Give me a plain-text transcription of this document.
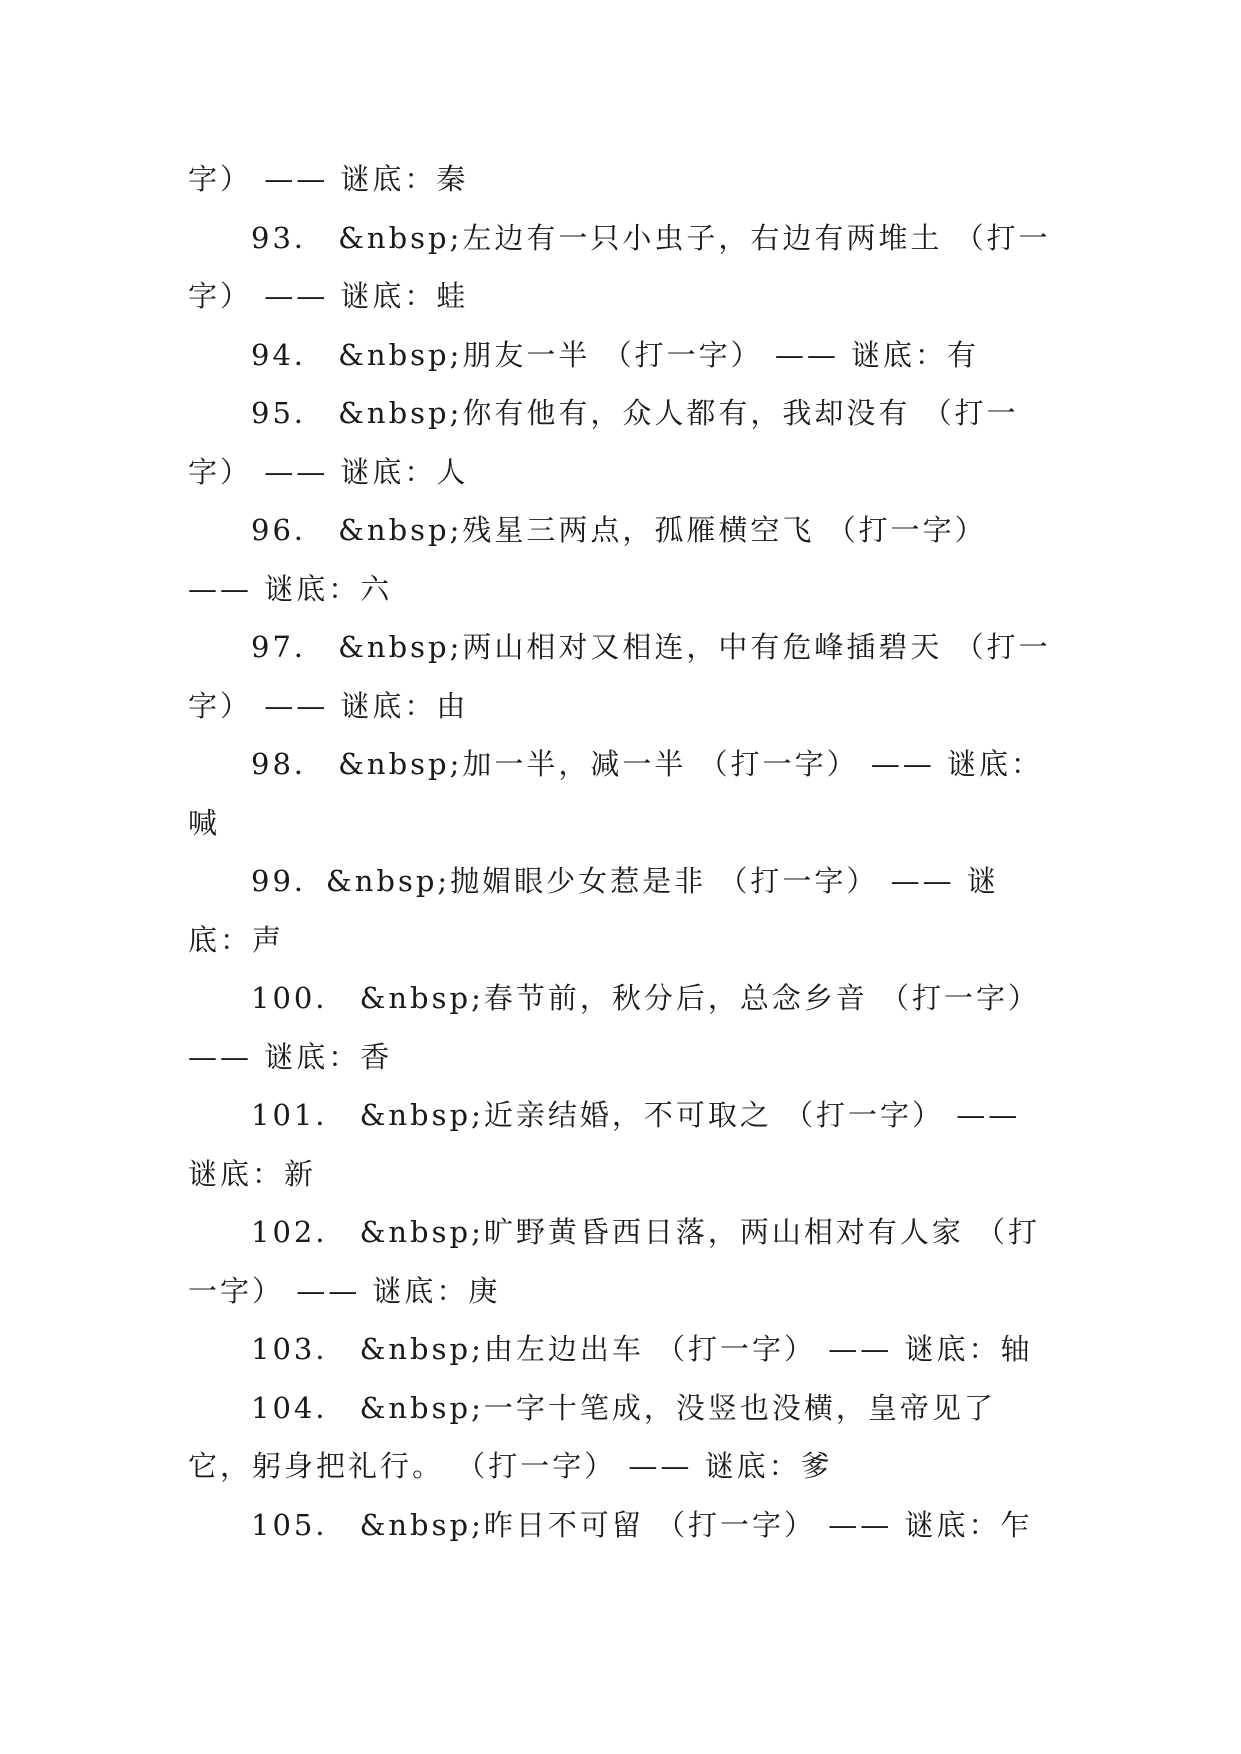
字） —— 谜底：秦

93． &nbsp;左边有一只小虫子，右边有两堆土 （打一字） —— 谜底：蛙

94． &nbsp;朋友一半 （打一字） —— 谜底：有

95． &nbsp;你有他有，众人都有，我却没有 （打一字） —— 谜底：人

96． &nbsp;残星三两点，孤雁横空飞 （打一字） —— 谜底：六

97． &nbsp;两山相对又相连，中有危峰插碧天 （打一字） —— 谜底：由

98． &nbsp;加一半，减一半 （打一字） —— 谜底：喊

99．&nbsp;抛媚眼少女惹是非 （打一字） —— 谜底：声

100． &nbsp;春节前，秋分后，总念乡音 （打一字） —— 谜底：香

101． &nbsp;近亲结婚，不可取之 （打一字） —— 谜底：新

102． &nbsp;旷野黄昏西日落，两山相对有人家 （打一字） —— 谜底：庚

103． &nbsp;由左边出车 （打一字） —— 谜底：轴

104． &nbsp;一字十笔成，没竖也没横，皇帝见了它，躬身把礼行。 （打一字） —— 谜底：爹

105． &nbsp;昨日不可留 （打一字） —— 谜底：乍
